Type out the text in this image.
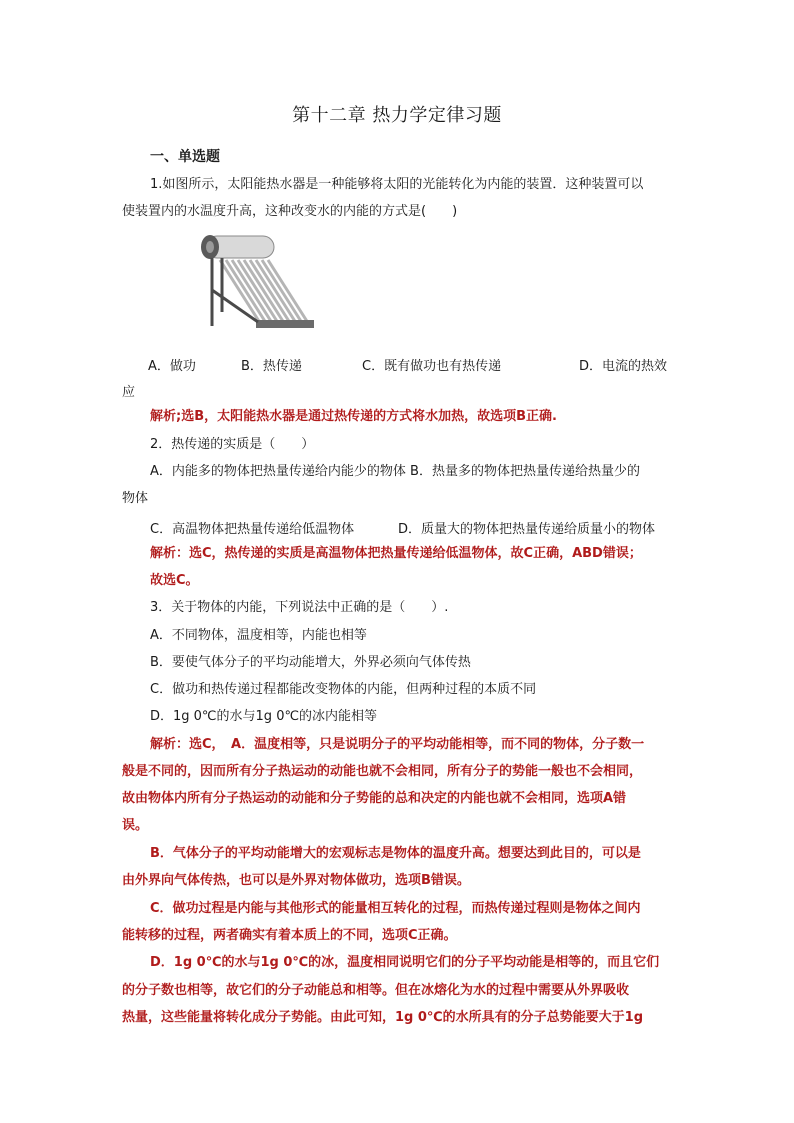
第十二章 热力学定律习题
一、单选题
1.如图所示，太阳能热水器是一种能够将太阳的光能转化为内能的装置．这种装置可以
使装置内的水温度升高，这种改变水的内能的方式是(　　)
A．做功	B．热传递	C．既有做功也有热传递	D．电流的热效
应
解析;选B，太阳能热水器是通过热传递的方式将水加热，故选项B正确.
2．热传递的实质是（　　）
A．内能多的物体把热量传递给内能少的物体 B．热量多的物体把热量传递给热量少的
物体
C．高温物体把热量传递给低温物体	D．质量大的物体把热量传递给质量小的物体
解析：选C，热传递的实质是高温物体把热量传递给低温物体，故C正确，ABD错误；
故选C。
3．关于物体的内能，下列说法中正确的是（　　）.
A．不同物体，温度相等，内能也相等
B．要使气体分子的平均动能增大，外界必须向气体传热
C．做功和热传递过程都能改变物体的内能，但两种过程的本质不同
D．1g 0℃的水与1g 0℃的冰内能相等
解析：选C，　A．温度相等，只是说明分子的平均动能相等，而不同的物体，分子数一
般是不同的，因而所有分子热运动的动能也就不会相同，所有分子的势能一般也不会相同，
故由物体内所有分子热运动的动能和分子势能的总和决定的内能也就不会相同，选项A错
误。
B．气体分子的平均动能增大的宏观标志是物体的温度升高。想要达到此目的，可以是
由外界向气体传热，也可以是外界对物体做功，选项B错误。
C．做功过程是内能与其他形式的能量相互转化的过程，而热传递过程则是物体之间内
能转移的过程，两者确实有着本质上的不同，选项C正确。
D．1g 0℃的水与1g 0℃的冰，温度相同说明它们的分子平均动能是相等的，而且它们
的分子数也相等，故它们的分子动能总和相等。但在冰熔化为水的过程中需要从外界吸收
热量，这些能量将转化成分子势能。由此可知，1g 0℃的水所具有的分子总势能要大于1g
